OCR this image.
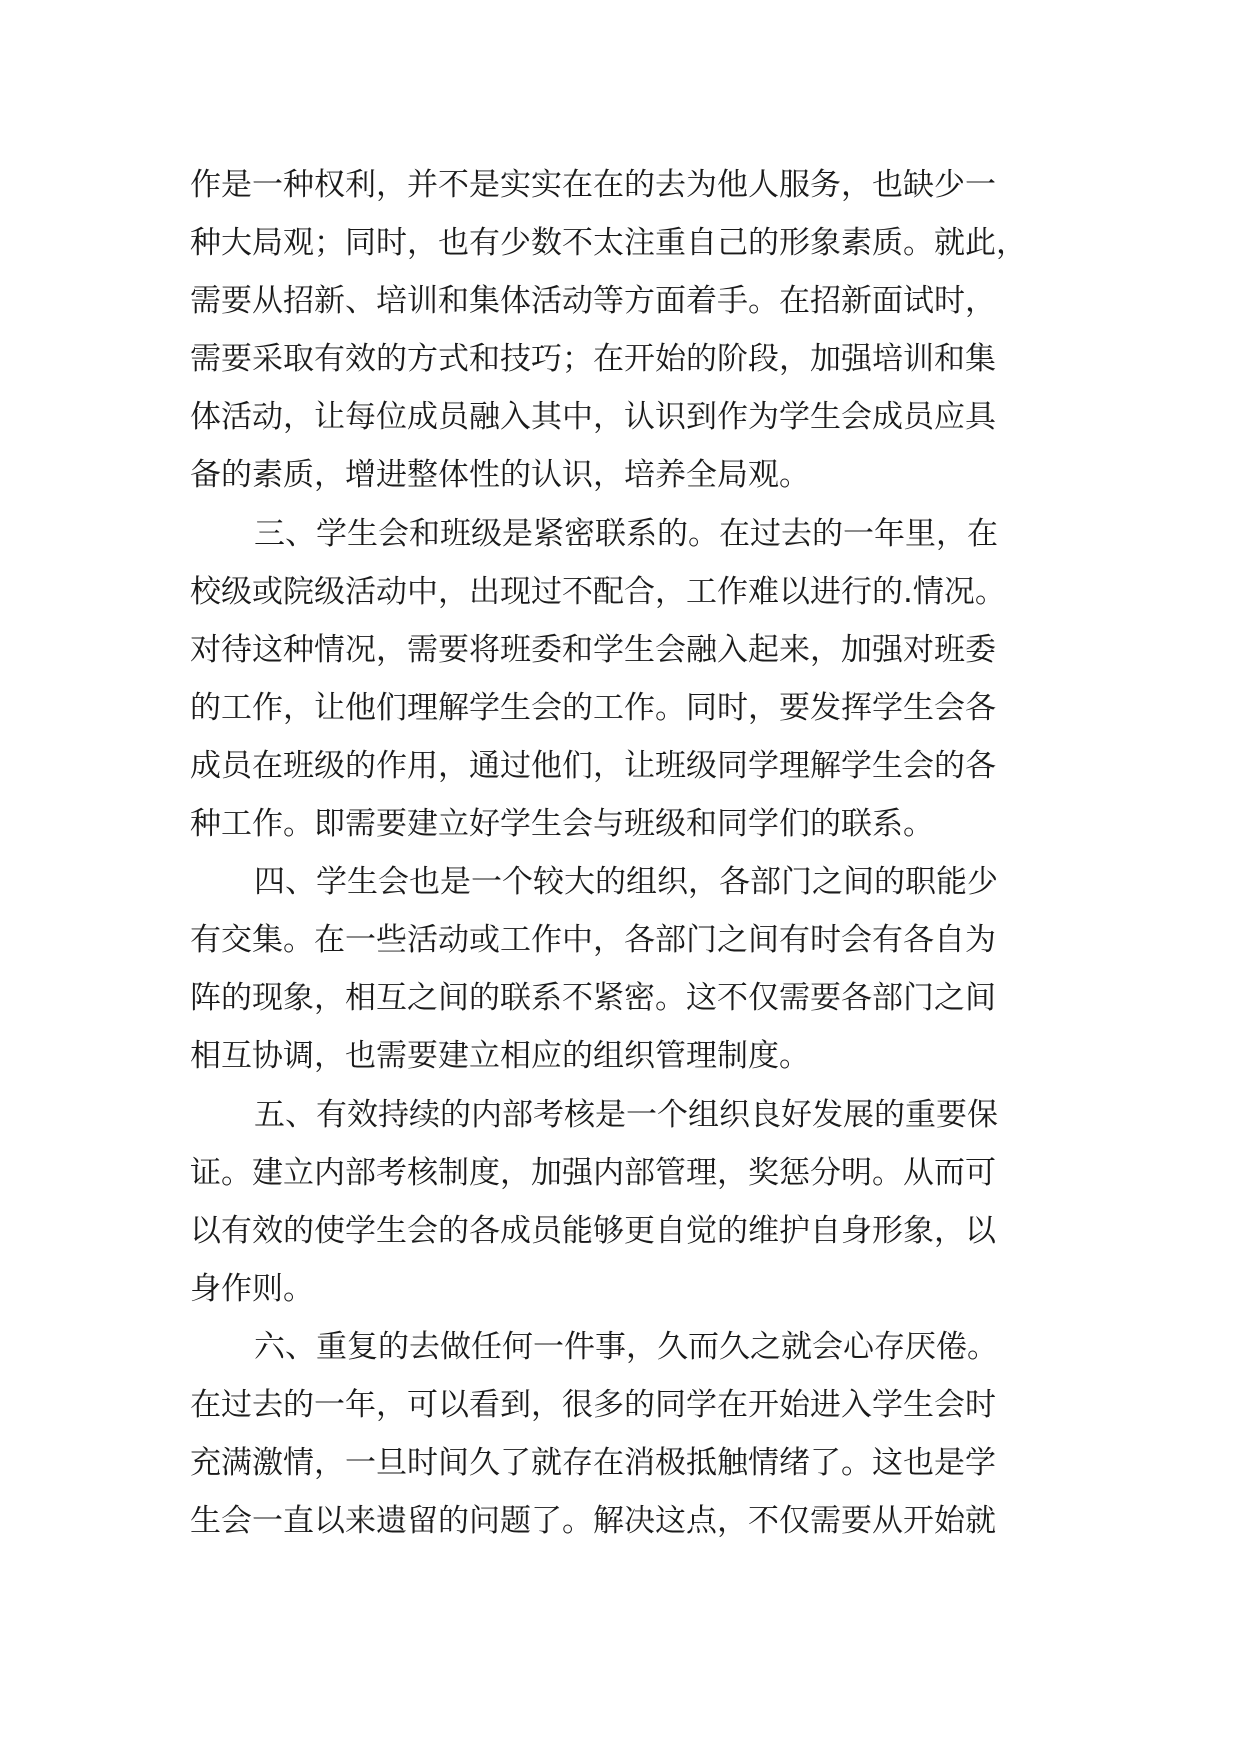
作是一种权利，并不是实实在在的去为他人服务，也缺少一
种大局观；同时，也有少数不太注重自己的形象素质。就此，
需要从招新、培训和集体活动等方面着手。在招新面试时，
需要采取有效的方式和技巧；在开始的阶段，加强培训和集
体活动，让每位成员融入其中，认识到作为学生会成员应具
备的素质，增进整体性的认识，培养全局观。
三、学生会和班级是紧密联系的。在过去的一年里，在
校级或院级活动中，出现过不配合，工作难以进行的.情况。
对待这种情况，需要将班委和学生会融入起来，加强对班委
的工作，让他们理解学生会的工作。同时，要发挥学生会各
成员在班级的作用，通过他们，让班级同学理解学生会的各
种工作。即需要建立好学生会与班级和同学们的联系。
四、学生会也是一个较大的组织，各部门之间的职能少
有交集。在一些活动或工作中，各部门之间有时会有各自为
阵的现象，相互之间的联系不紧密。这不仅需要各部门之间
相互协调，也需要建立相应的组织管理制度。
五、有效持续的内部考核是一个组织良好发展的重要保
证。建立内部考核制度，加强内部管理，奖惩分明。从而可
以有效的使学生会的各成员能够更自觉的维护自身形象，以
身作则。
六、重复的去做任何一件事，久而久之就会心存厌倦。
在过去的一年，可以看到，很多的同学在开始进入学生会时
充满激情，一旦时间久了就存在消极抵触情绪了。这也是学
生会一直以来遗留的问题了。解决这点，不仅需要从开始就
